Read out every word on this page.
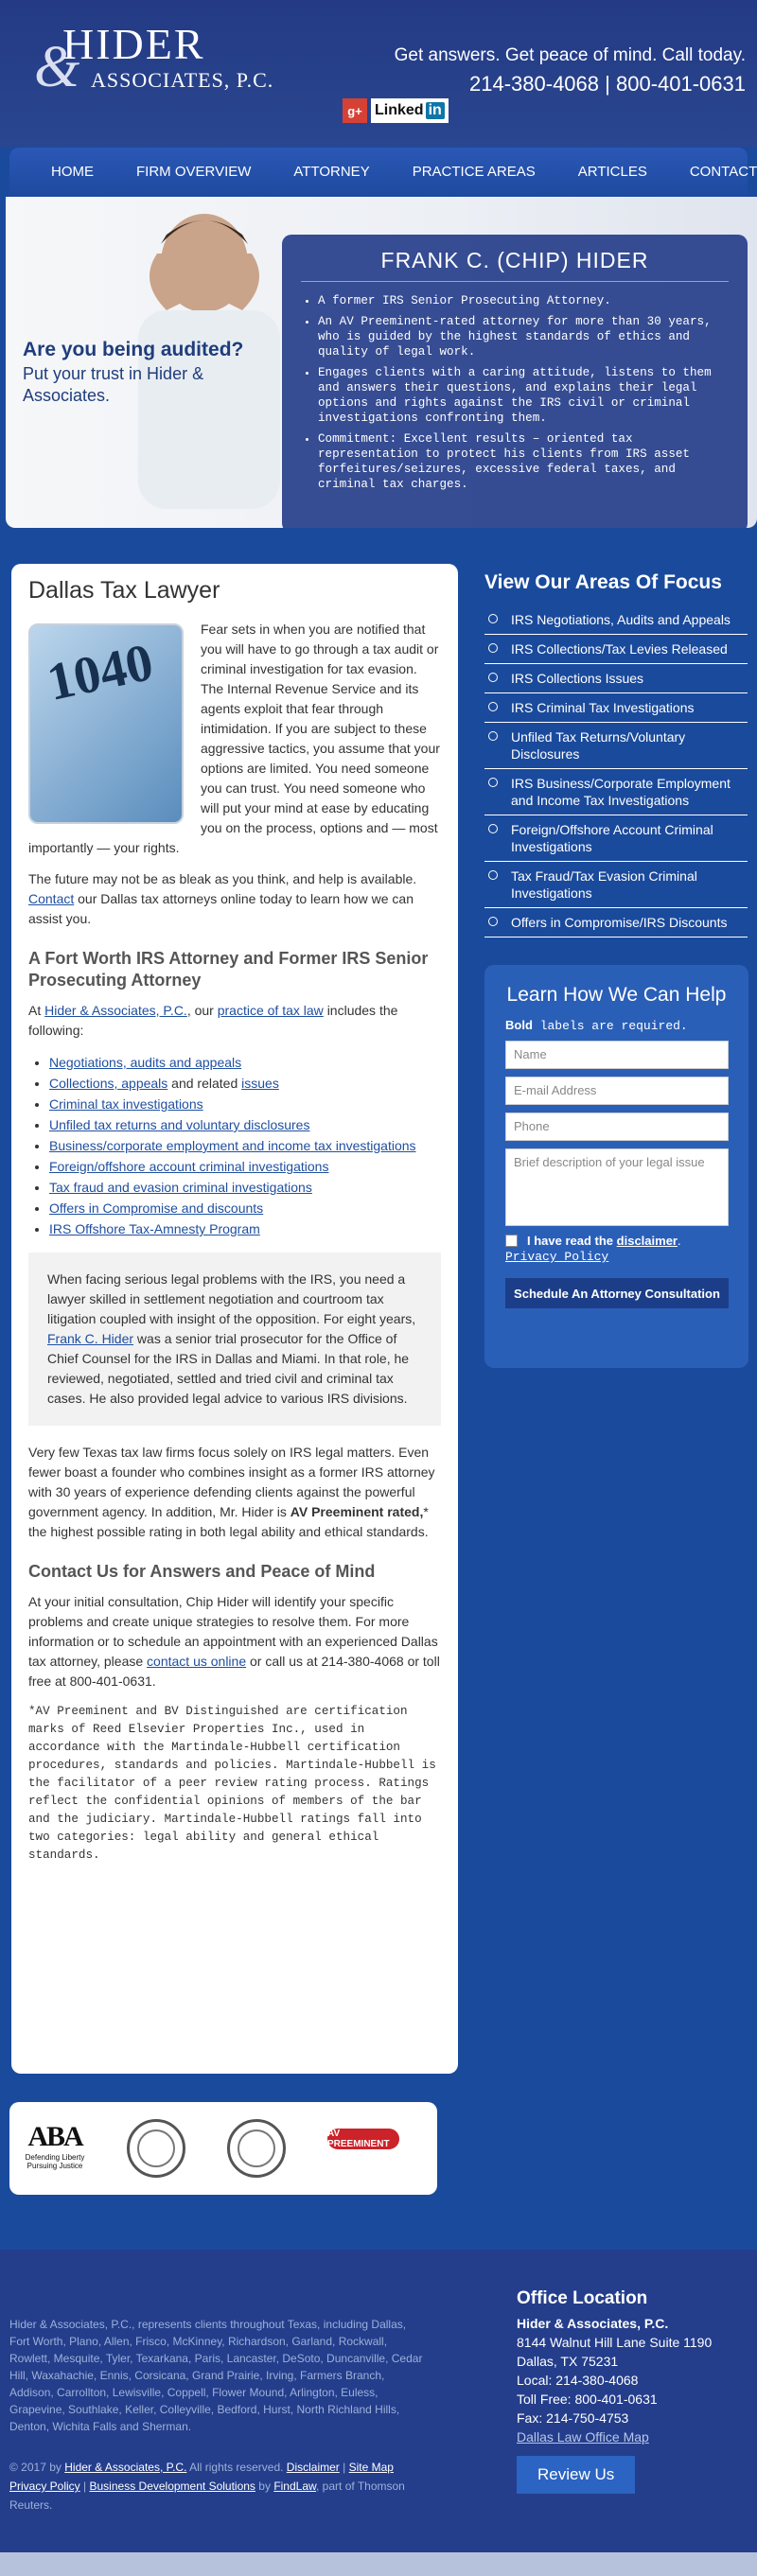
&
HIDER
ASSOCIATES, P.C.
Get answers. Get peace of mind. Call today.
214-380-4068 | 800-401-0631
g+ Linked in
HOME	FIRM OVERVIEW	ATTORNEY	PRACTICE AREAS	ARTICLES	CONTACT
Are you being audited?
Put your trust in Hider & Associates.
FRANK C. (CHIP) HIDER
• A former IRS Senior Prosecuting Attorney.
• An AV Preeminent-rated attorney for more than 30 years, who is guided by the highest standards of ethics and quality of legal work.
• Engages clients with a caring attitude, listens to them and answers their questions, and explains their legal options and rights against the IRS civil or criminal investigations confronting them.
• Commitment: Excellent results – oriented tax representation to protect his clients from IRS asset forfeitures/seizures, excessive federal taxes, and criminal tax charges.
Dallas Tax Lawyer
1040

Fear sets in when you are notified that you will have to go through a tax audit or criminal investigation for tax evasion. The Internal Revenue Service and its agents exploit that fear through intimidation. If you are subject to these aggressive tactics, you assume that your options are limited. You need someone you can trust. You need someone who will put your mind at ease by educating you on the process, options and — most importantly — your rights.

The future may not be as bleak as you think, and help is available. Contact our Dallas tax attorneys online today to learn how we can assist you.

A Fort Worth IRS Attorney and Former IRS Senior Prosecuting Attorney

At Hider & Associates, P.C., our practice of tax law includes the following:

• Negotiations, audits and appeals
• Collections, appeals and related issues
• Criminal tax investigations
• Unfiled tax returns and voluntary disclosures
• Business/corporate employment and income tax investigations
• Foreign/offshore account criminal investigations
• Tax fraud and evasion criminal investigations
• Offers in Compromise and discounts
• IRS Offshore Tax-Amnesty Program
When facing serious legal problems with the IRS, you need a lawyer skilled in settlement negotiation and courtroom tax litigation coupled with insight of the opposition. For eight years, Frank C. Hider was a senior trial prosecutor for the Office of Chief Counsel for the IRS in Dallas and Miami. In that role, he reviewed, negotiated, settled and tried civil and criminal tax cases. He also provided legal advice to various IRS divisions.

Very few Texas tax law firms focus solely on IRS legal matters. Even fewer boast a founder who combines insight as a former IRS attorney with 30 years of experience defending clients against the powerful government agency. In addition, Mr. Hider is AV Preeminent rated,* the highest possible rating in both legal ability and ethical standards.

Contact Us for Answers and Peace of Mind

At your initial consultation, Chip Hider will identify your specific problems and create unique strategies to resolve them. For more information or to schedule an appointment with an experienced Dallas tax attorney, please contact us online or call us at 214-380-4068 or toll free at 800-401-0631.

*AV Preeminent and BV Distinguished are certification marks of Reed Elsevier Properties Inc., used in accordance with the Martindale-Hubbell certification procedures, standards and policies. Martindale-Hubbell is the facilitator of a peer review rating process. Ratings reflect the confidential opinions of members of the bar and the judiciary. Martindale-Hubbell ratings fall into two categories: legal ability and general ethical standards.

View Our Areas Of Focus
IRS Negotiations, Audits and Appeals
IRS Collections/Tax Levies Released
IRS Collections Issues
IRS Criminal Tax Investigations
Unfiled Tax Returns/Voluntary Disclosures
IRS Business/Corporate Employment and Income Tax Investigations
Foreign/Offshore Account Criminal Investigations
Tax Fraud/Tax Evasion Criminal Investigations
Offers in Compromise/IRS Discounts
Learn How We Can Help
Bold labels are required.
Name
E-mail Address
Phone
Brief description of your legal issue
I have read the
disclaimer .
Privacy Policy
Schedule An Attorney Consultation
ABA
Defending Liberty Pursuing Justice
AV PREEMINENT
Hider & Associates, P.C., represents clients throughout Texas, including Dallas, Fort Worth, Plano, Allen, Frisco, McKinney, Richardson, Garland, Rockwall, Rowlett, Mesquite, Tyler, Texarkana, Paris, Lancaster, DeSoto, Duncanville, Cedar Hill, Waxahachie, Ennis, Corsicana, Grand Prairie, Irving, Farmers Branch, Addison, Carrollton, Lewisville, Coppell, Flower Mound, Arlington, Euless, Grapevine, Southlake, Keller, Colleyville, Bedford, Hurst, North Richland Hills, Denton, Wichita Falls and Sherman.
© 2017 by Hider & Associates, P.C. All rights reserved. Disclaimer | Site Map
Privacy Policy | Business Development Solutions by FindLaw, part of Thomson Reuters.
Office Location
Hider & Associates, P.C.
8144 Walnut Hill Lane Suite 1190
Dallas, TX 75231
Local: 214-380-4068
Toll Free: 800-401-0631
Fax: 214-750-4753
Dallas Law Office Map
Review Us
